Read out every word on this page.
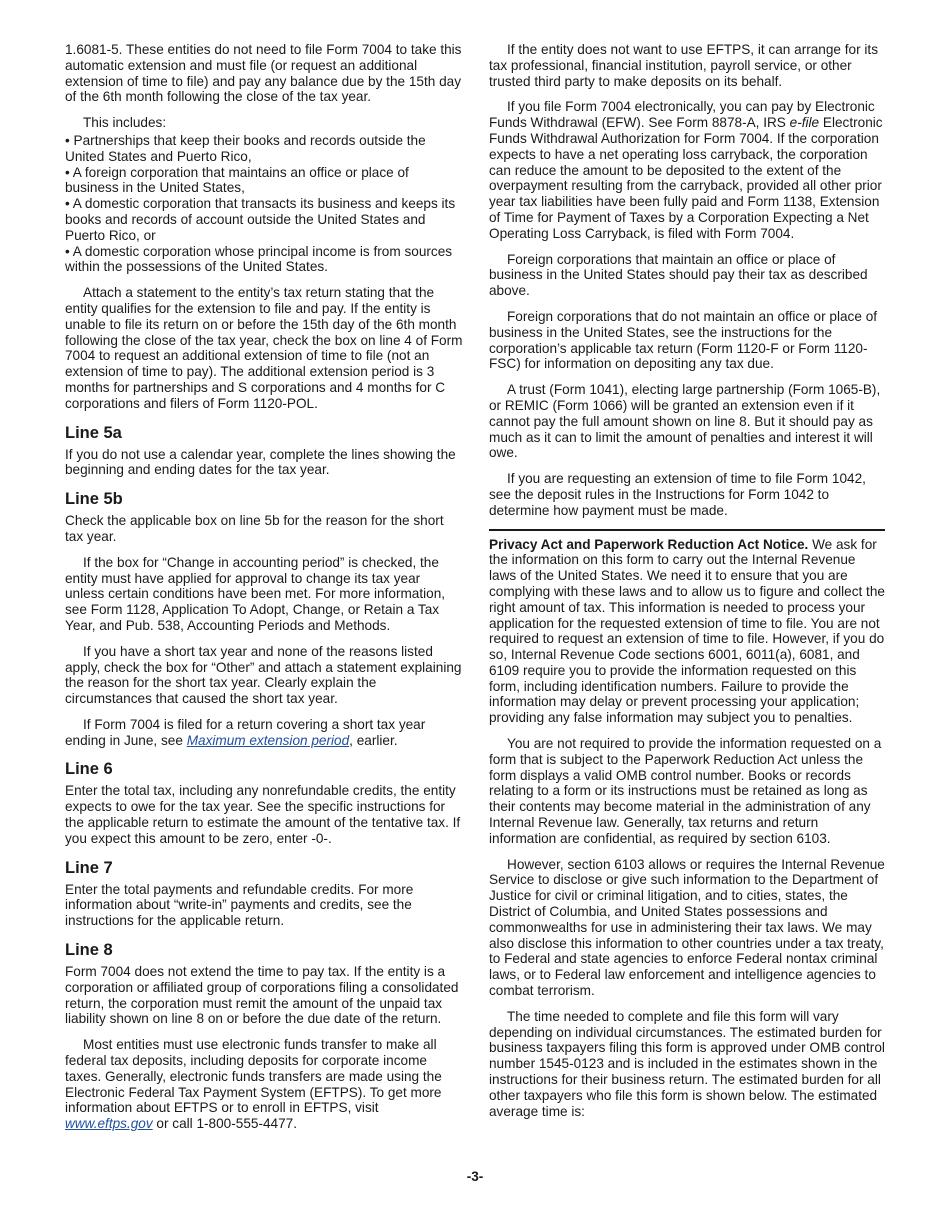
1.6081-5. These entities do not need to file Form 7004 to take this automatic extension and must file (or request an additional extension of time to file) and pay any balance due by the 15th day of the 6th month following the close of the tax year.

This includes:

• Partnerships that keep their books and records outside the United States and Puerto Rico,

• A foreign corporation that maintains an office or place of business in the United States,

• A domestic corporation that transacts its business and keeps its books and records of account outside the United States and Puerto Rico, or

• A domestic corporation whose principal income is from sources within the possessions of the United States.

Attach a statement to the entity’s tax return stating that the entity qualifies for the extension to file and pay. If the entity is unable to file its return on or before the 15th day of the 6th month following the close of the tax year, check the box on line 4 of Form 7004 to request an additional extension of time to file (not an extension of time to pay). The additional extension period is 3 months for partnerships and S corporations and 4 months for C corporations and filers of Form 1120-POL.

Line 5a

If you do not use a calendar year, complete the lines showing the beginning and ending dates for the tax year.

Line 5b

Check the applicable box on line 5b for the reason for the short tax year.

If the box for “Change in accounting period” is checked, the entity must have applied for approval to change its tax year unless certain conditions have been met. For more information, see Form 1128, Application To Adopt, Change, or Retain a Tax Year, and Pub. 538, Accounting Periods and Methods.

If you have a short tax year and none of the reasons listed apply, check the box for “Other” and attach a statement explaining the reason for the short tax year. Clearly explain the circumstances that caused the short tax year.

If Form 7004 is filed for a return covering a short tax year ending in June, see Maximum extension period, earlier.

Line 6

Enter the total tax, including any nonrefundable credits, the entity expects to owe for the tax year. See the specific instructions for the applicable return to estimate the amount of the tentative tax. If you expect this amount to be zero, enter -0-.

Line 7

Enter the total payments and refundable credits. For more information about “write-in” payments and credits, see the instructions for the applicable return.

Line 8

Form 7004 does not extend the time to pay tax. If the entity is a corporation or affiliated group of corporations filing a consolidated return, the corporation must remit the amount of the unpaid tax liability shown on line 8 on or before the due date of the return.

Most entities must use electronic funds transfer to make all federal tax deposits, including deposits for corporate income taxes. Generally, electronic funds transfers are made using the Electronic Federal Tax Payment System (EFTPS). To get more information about EFTPS or to enroll in EFTPS, visit www.eftps.gov or call 1-800-555-4477.

If the entity does not want to use EFTPS, it can arrange for its tax professional, financial institution, payroll service, or other trusted third party to make deposits on its behalf.

If you file Form 7004 electronically, you can pay by Electronic Funds Withdrawal (EFW). See Form 8878-A, IRS e-file Electronic Funds Withdrawal Authorization for Form 7004. If the corporation expects to have a net operating loss carryback, the corporation can reduce the amount to be deposited to the extent of the overpayment resulting from the carryback, provided all other prior year tax liabilities have been fully paid and Form 1138, Extension of Time for Payment of Taxes by a Corporation Expecting a Net Operating Loss Carryback, is filed with Form 7004.

Foreign corporations that maintain an office or place of business in the United States should pay their tax as described above.

Foreign corporations that do not maintain an office or place of business in the United States, see the instructions for the corporation’s applicable tax return (Form 1120-F or Form 1120-FSC) for information on depositing any tax due.

A trust (Form 1041), electing large partnership (Form 1065-B), or REMIC (Form 1066) will be granted an extension even if it cannot pay the full amount shown on line 8. But it should pay as much as it can to limit the amount of penalties and interest it will owe.

If you are requesting an extension of time to file Form 1042, see the deposit rules in the Instructions for Form 1042 to determine how payment must be made.

Privacy Act and Paperwork Reduction Act Notice. We ask for the information on this form to carry out the Internal Revenue laws of the United States. We need it to ensure that you are complying with these laws and to allow us to figure and collect the right amount of tax. This information is needed to process your application for the requested extension of time to file. You are not required to request an extension of time to file. However, if you do so, Internal Revenue Code sections 6001, 6011(a), 6081, and 6109 require you to provide the information requested on this form, including identification numbers. Failure to provide the information may delay or prevent processing your application; providing any false information may subject you to penalties.

You are not required to provide the information requested on a form that is subject to the Paperwork Reduction Act unless the form displays a valid OMB control number. Books or records relating to a form or its instructions must be retained as long as their contents may become material in the administration of any Internal Revenue law. Generally, tax returns and return information are confidential, as required by section 6103.

However, section 6103 allows or requires the Internal Revenue Service to disclose or give such information to the Department of Justice for civil or criminal litigation, and to cities, states, the District of Columbia, and United States possessions and commonwealths for use in administering their tax laws. We may also disclose this information to other countries under a tax treaty, to Federal and state agencies to enforce Federal nontax criminal laws, or to Federal law enforcement and intelligence agencies to combat terrorism.

The time needed to complete and file this form will vary depending on individual circumstances. The estimated burden for business taxpayers filing this form is approved under OMB control number 1545-0123 and is included in the estimates shown in the instructions for their business return. The estimated burden for all other taxpayers who file this form is shown below. The estimated average time is:

-3-
